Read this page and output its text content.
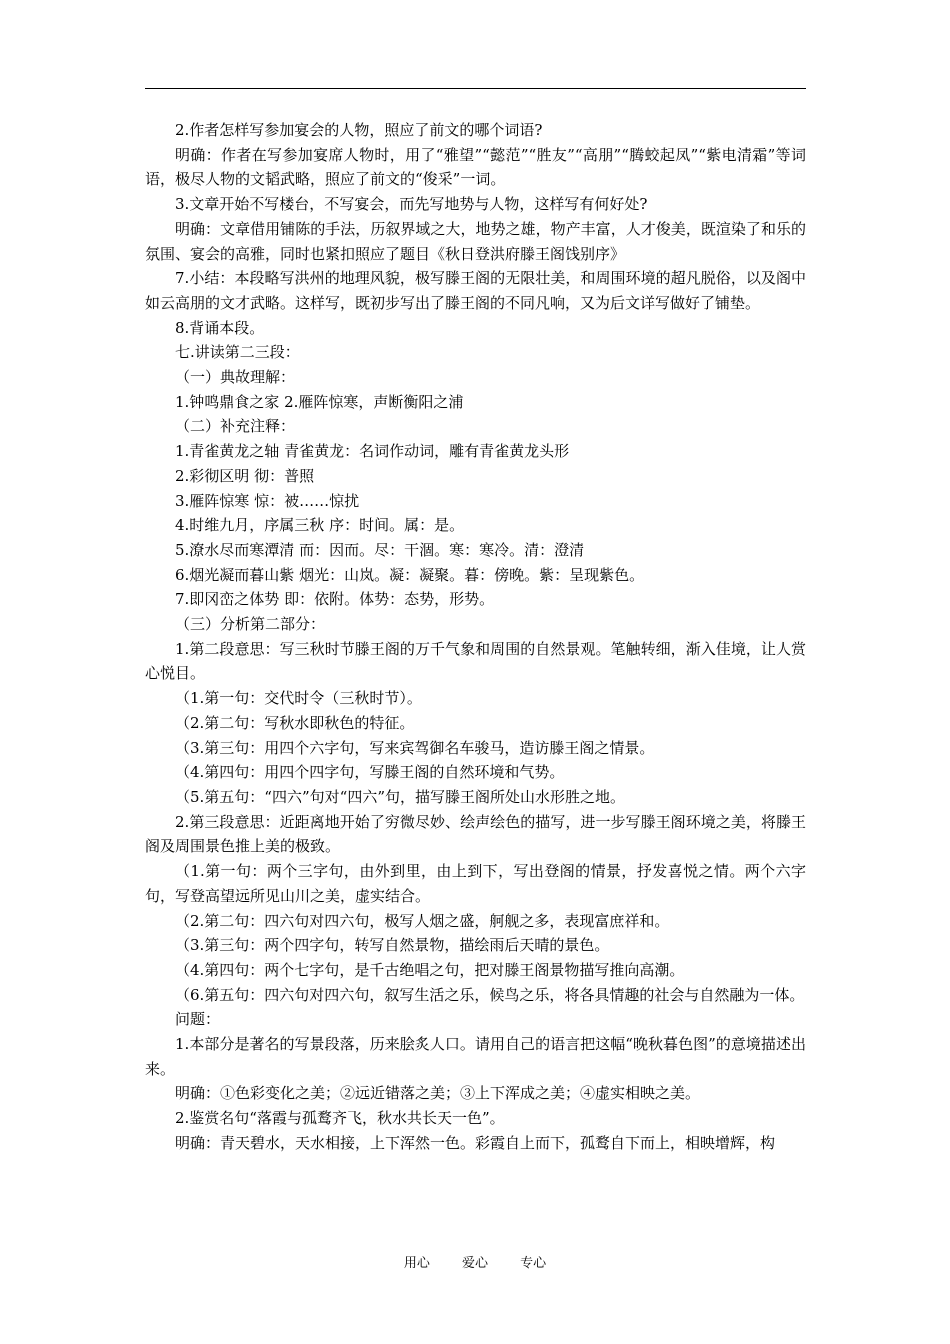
2.作者怎样写参加宴会的人物，照应了前文的哪个词语?

明确：作者在写参加宴席人物时，用了“雅望”“懿范”“胜友”“高朋”“腾蛟起凤”“紫电清霜”等词语，极尽人物的文韬武略，照应了前文的“俊采”一词。

3.文章开始不写楼台，不写宴会，而先写地势与人物，这样写有何好处?

明确：文章借用铺陈的手法，历叙界域之大，地势之雄，物产丰富，人才俊美，既渲染了和乐的氛围、宴会的高雅，同时也紧扣照应了题目《秋日登洪府滕王阁饯别序》

7.小结：本段略写洪州的地理风貌，极写滕王阁的无限壮美，和周围环境的超凡脱俗，以及阁中如云高朋的文才武略。这样写，既初步写出了滕王阁的不同凡响，又为后文详写做好了铺垫。

8.背诵本段。

七.讲读第二三段：

（一）典故理解：

1.钟鸣鼎食之家 2.雁阵惊寒，声断衡阳之浦

（二）补充注释：

1.青雀黄龙之轴 青雀黄龙：名词作动词，雕有青雀黄龙头形

2.彩彻区明 彻：普照

3.雁阵惊寒 惊：被……惊扰

4.时维九月，序属三秋 序：时间。属：是。

5.潦水尽而寒潭清 而：因而。尽：干涸。寒：寒冷。清：澄清

6.烟光凝而暮山紫 烟光：山岚。凝：凝聚。暮：傍晚。紫：呈现紫色。

7.即冈峦之体势 即：依附。体势：态势，形势。

（三）分析第二部分：

1.第二段意思：写三秋时节滕王阁的万千气象和周围的自然景观。笔触转细，渐入佳境，让人赏心悦目。

（1.第一句：交代时令（三秋时节）。

（2.第二句：写秋水即秋色的特征。

（3.第三句：用四个六字句，写来宾驾御名车骏马，造访滕王阁之情景。

（4.第四句：用四个四字句，写滕王阁的自然环境和气势。

（5.第五句：“四六”句对“四六”句，描写滕王阁所处山水形胜之地。

2.第三段意思：近距离地开始了穷微尽妙、绘声绘色的描写，进一步写滕王阁环境之美，将滕王阁及周围景色推上美的极致。

（1.第一句：两个三字句，由外到里，由上到下，写出登阁的情景，抒发喜悦之情。两个六字句，写登高望远所见山川之美，虚实结合。

（2.第二句：四六句对四六句，极写人烟之盛，舸舰之多，表现富庶祥和。

（3.第三句：两个四字句，转写自然景物，描绘雨后天晴的景色。

（4.第四句：两个七字句，是千古绝唱之句，把对滕王阁景物描写推向高潮。

（6.第五句：四六句对四六句，叙写生活之乐，候鸟之乐，将各具情趣的社会与自然融为一体。

问题：

1.本部分是著名的写景段落，历来脍炙人口。请用自己的语言把这幅“晚秋暮色图”的意境描述出来。

明确：①色彩变化之美；②远近错落之美；③上下浑成之美；④虚实相映之美。

2.鉴赏名句“落霞与孤鹜齐飞，秋水共长天一色”。

明确：青天碧水，天水相接，上下浑然一色。彩霞自上而下，孤鹜自下而上，相映增辉，构

用心 爱心 专心
